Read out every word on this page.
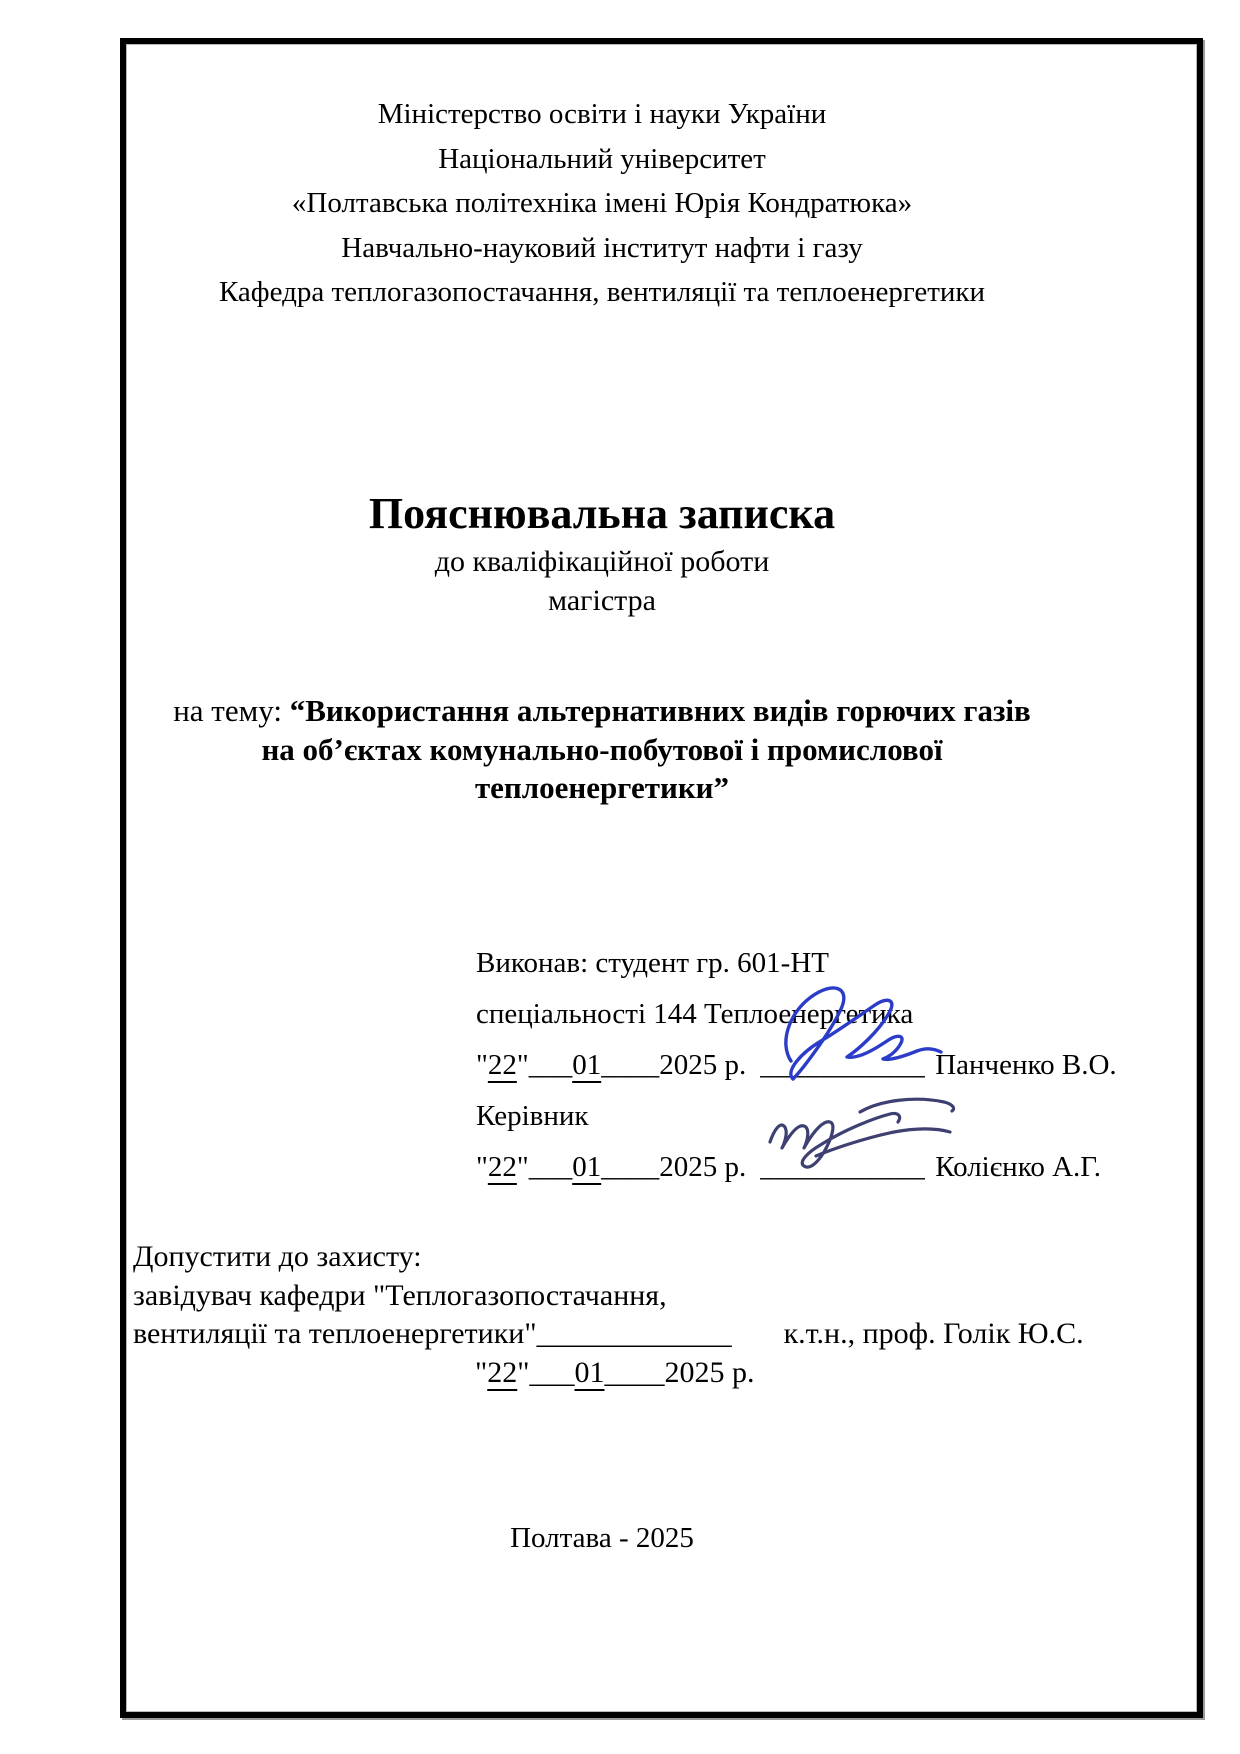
Міністерство освіти і науки України
Національний університет
«Полтавська політехніка імені Юрія Кондратюка»
Навчально-науковий інститут нафти і газу
Кафедра теплогазопостачання, вентиляції та теплоенергетики
Пояснювальна записка
до кваліфікаційної роботи
магістра
на тему: “Використання альтернативних видів горючих газів
на об’єктах комунально-побутової і промислової
теплоенергетики”
Виконав: студент гр. 601-НТ
спеціальності 144 Теплоенергетика
"22"___01____2025 р. ___________ Панченко В.О.
Керівник
"22"___01____2025 р. ___________ Колієнко А.Г.
Допустити до захисту:
завідувач кафедри "Теплогазопостачання,
вентиляції та теплоенергетики"_____________ к.т.н., проф. Голік Ю.С.
"22"___01____2025 р.
Полтава - 2025
